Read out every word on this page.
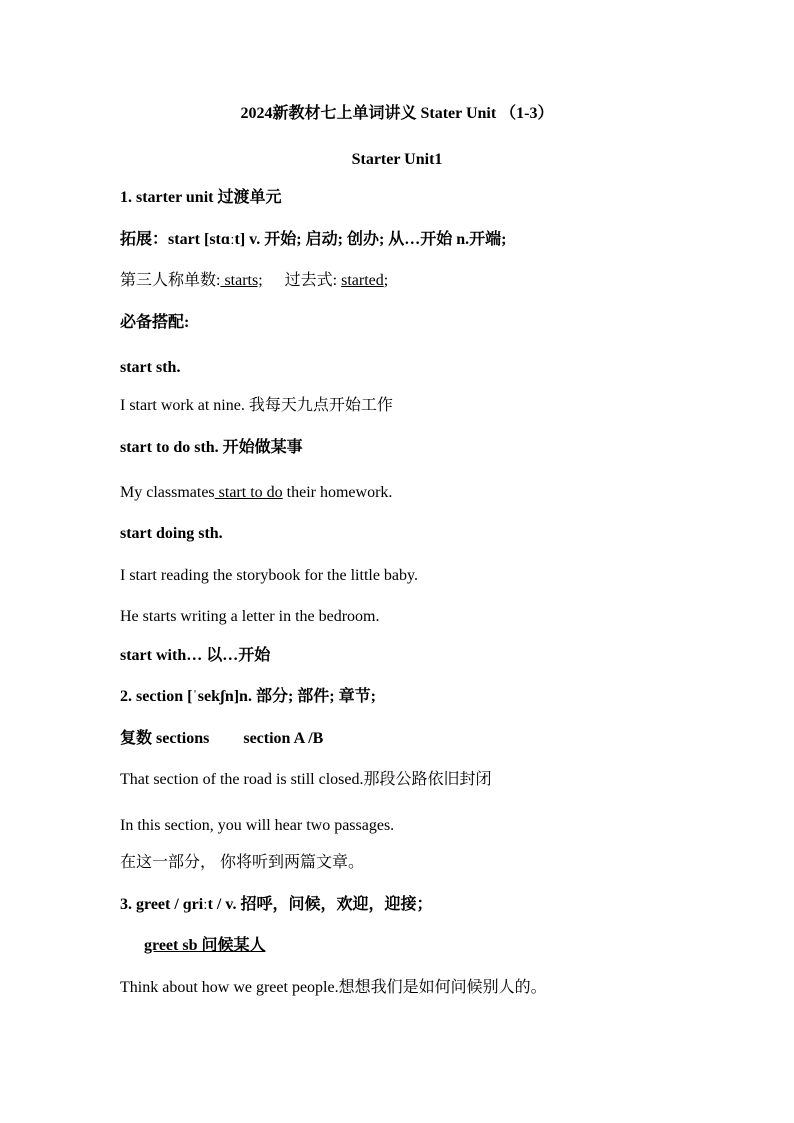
2024新教材七上单词讲义 Stater Unit （1-3）
Starter Unit1
1. starter unit 过渡单元
拓展：start [stɑːt] v. 开始; 启动; 创办; 从…开始 n.开端;
第三人称单数: starts; 过去式: started;
必备搭配:
start sth.
I start work at nine. 我每天九点开始工作
start to do sth. 开始做某事
My classmates start to do their homework.
start doing sth.
I start reading the storybook for the little baby.
He starts writing a letter in the bedroom.
start with… 以…开始
2. section [ˈsekʃn]n. 部分; 部件; 章节;
复数 sections section A /B
That section of the road is still closed.那段公路依旧封闭
In this section, you will hear two passages.
在这一部分， 你将听到两篇文章。
3. greet / ɡriːt / v. 招呼，问候，欢迎，迎接；
greet sb 问候某人
Think about how we greet people.想想我们是如何问候别人的。
